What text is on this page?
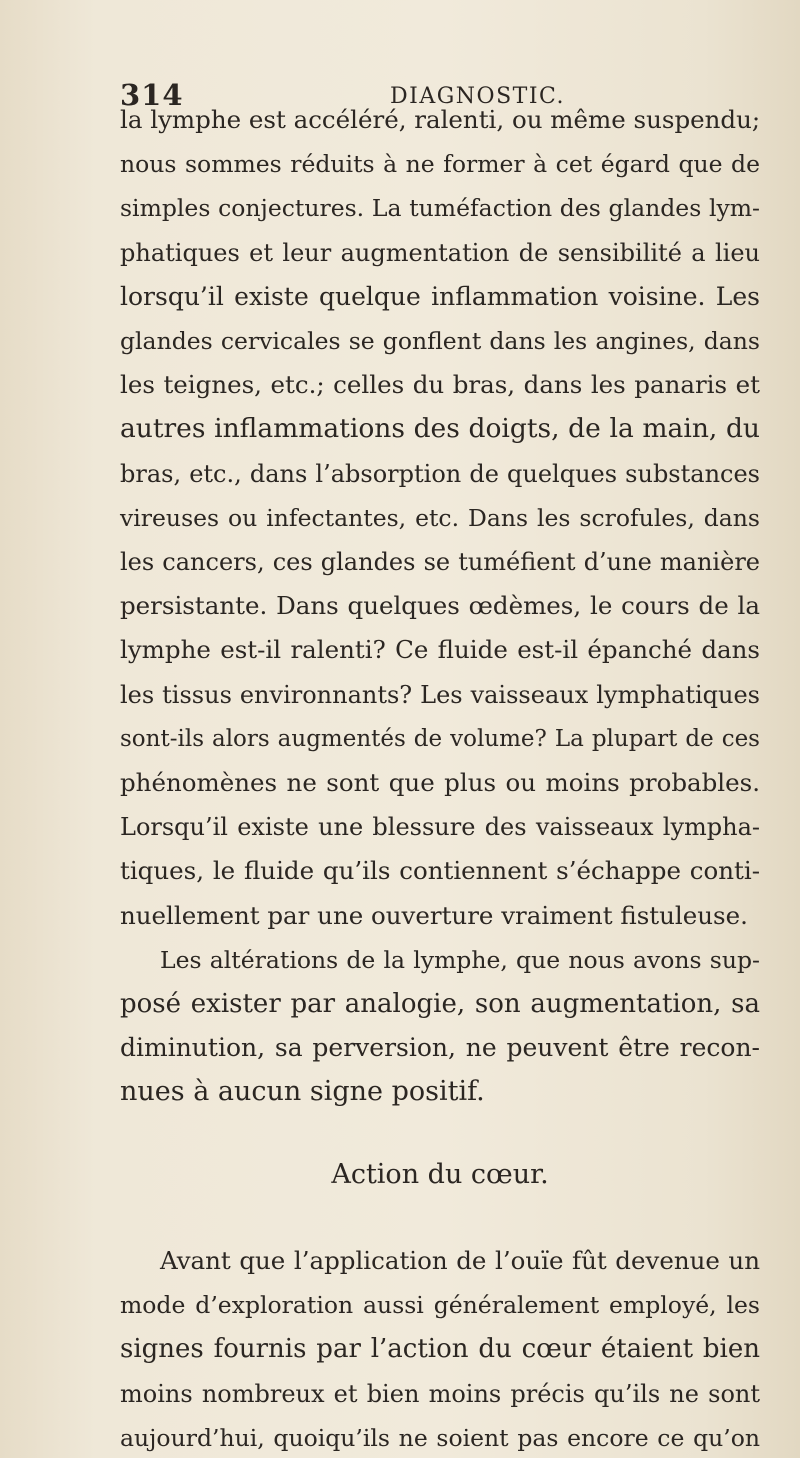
314	DIAGNOSTIC.
la lymphe est accéléré, ralenti, ou même suspendu;
nous sommes réduits à ne former à cet égard que de
simples conjectures. La tuméfaction des glandes lym-
phatiques et leur augmentation de sensibilité a lieu
lorsqu’il existe quelque inflammation voisine. Les
glandes cervicales se gonflent dans les angines, dans
les teignes, etc.; celles du bras, dans les panaris et
autres inflammations des doigts, de la main, du
bras, etc., dans l’absorption de quelques substances
vireuses ou infectantes, etc. Dans les scrofules, dans
les cancers, ces glandes se tuméfient d’une manière
persistante. Dans quelques œdèmes, le cours de la
lymphe est-il ralenti? Ce fluide est-il épanché dans
les tissus environnants? Les vaisseaux lymphatiques
sont-ils alors augmentés de volume? La plupart de ces
phénomènes ne sont que plus ou moins probables.
Lorsqu’il existe une blessure des vaisseaux lympha-
tiques, le fluide qu’ils contiennent s’échappe conti-
nuellement par une ouverture vraiment fistuleuse.
Les altérations de la lymphe, que nous avons sup-
posé exister par analogie, son augmentation, sa
diminution, sa perversion, ne peuvent être recon-
nues à aucun signe positif.
Action du cœur.
Avant que l’application de l’ouïe fût devenue un
mode d’exploration aussi généralement employé, les
signes fournis par l’action du cœur étaient bien
moins nombreux et bien moins précis qu’ils ne sont
aujourd’hui, quoiqu’ils ne soient pas encore ce qu’on
